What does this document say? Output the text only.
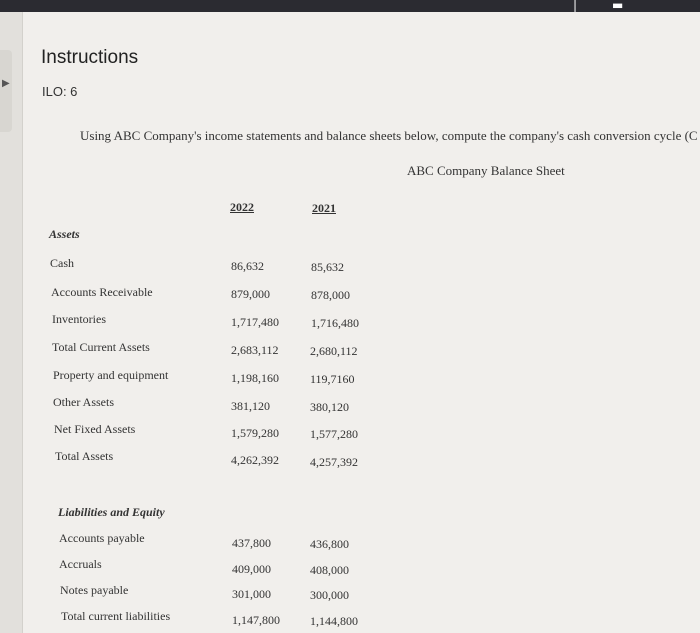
❘	▬
▶
Instructions
ILO: 6
Using ABC Company's income statements and balance sheets below, compute the company's cash conversion cycle (C
ABC Company Balance Sheet
2022	2021
Assets
Cash	86,632	85,632
Accounts Receivable	879,000	878,000
Inventories	1,717,480	1,716,480
Total Current Assets	2,683,112	2,680,112
Property and equipment	1,198,160	119,7160
Other Assets	381,120	380,120
Net Fixed Assets	1,579,280	1,577,280
Total Assets	4,262,392	4,257,392
Liabilities and Equity
Accounts payable	437,800	436,800
Accruals	409,000	408,000
Notes payable	301,000	300,000
Total current liabilities	1,147,800	1,144,800
